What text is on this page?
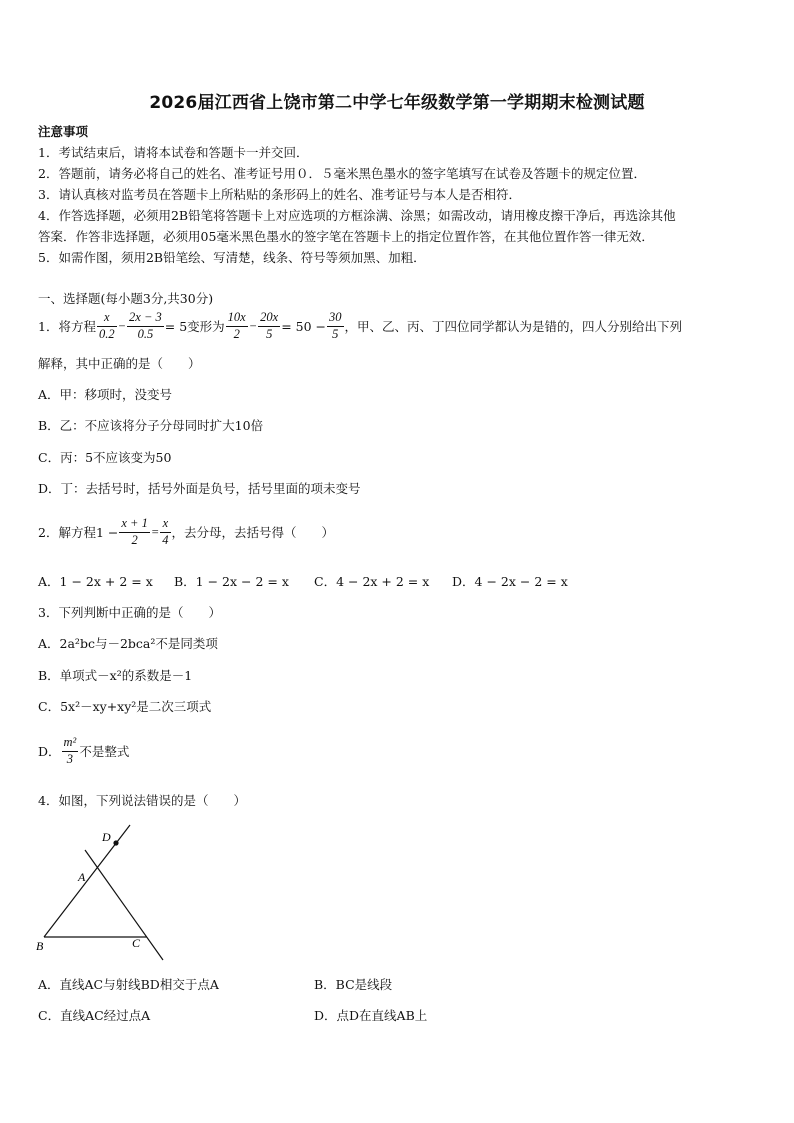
2026届江西省上饶市第二中学七年级数学第一学期期末检测试题
注意事项
1．考试结束后，请将本试卷和答题卡一并交回．
2．答题前，请务必将自己的姓名、准考证号用０．５毫米黑色墨水的签字笔填写在试卷及答题卡的规定位置．
3．请认真核对监考员在答题卡上所粘贴的条形码上的姓名、准考证号与本人是否相符．
4．作答选择题，必须用2B铅笔将答题卡上对应选项的方框涂满、涂黑；如需改动，请用橡皮擦干净后，再选涂其他
答案．作答非选择题，必须用05毫米黑色墨水的签字笔在答题卡上的指定位置作答，在其他位置作答一律无效．
5．如需作图，须用2B铅笔绘、写清楚，线条、符号等须加黑、加粗．
一、选择题(每小题3分,共30分)
1．将方程 $\frac{x}{0.2} - \frac{2x - 3}{0.5} = 5$变形为 $\frac{10x}{2} - \frac{20x}{5} = 50 - \frac{30}{5}$ ，甲、乙、丙、丁四位同学都认为是错的，四人分别给出下列
解释，其中正确的是（　　）
A．甲：移项时，没变号
B．乙：不应该将分子分母同时扩大10倍
C．丙：5不应该变为50
D．丁：去括号时，括号外面是负号，括号里面的项未变号
2．解方程$1 - \frac{x + 1}{2} = \frac{x}{4}$ ，去分母，去括号得（　　）
A．1 − 2x + 2 = x B．1 − 2x − 2 = x C．4 − 2x + 2 = x D．4 − 2x − 2 = x
3．下列判断中正确的是（　　）
A．2a²bc与－2bca²不是同类项
B．单项式－x²的系数是－1
C．5x²－xy+xy²是二次三项式
D． $\frac{\text{m²}}{3}$ 不是整式
4．如图，下列说法错误的是（　　）
D
A
B	C
A．直线AC与射线BD相交于点A	B．BC是线段
C．直线AC经过点A	D．点D在直线AB上
